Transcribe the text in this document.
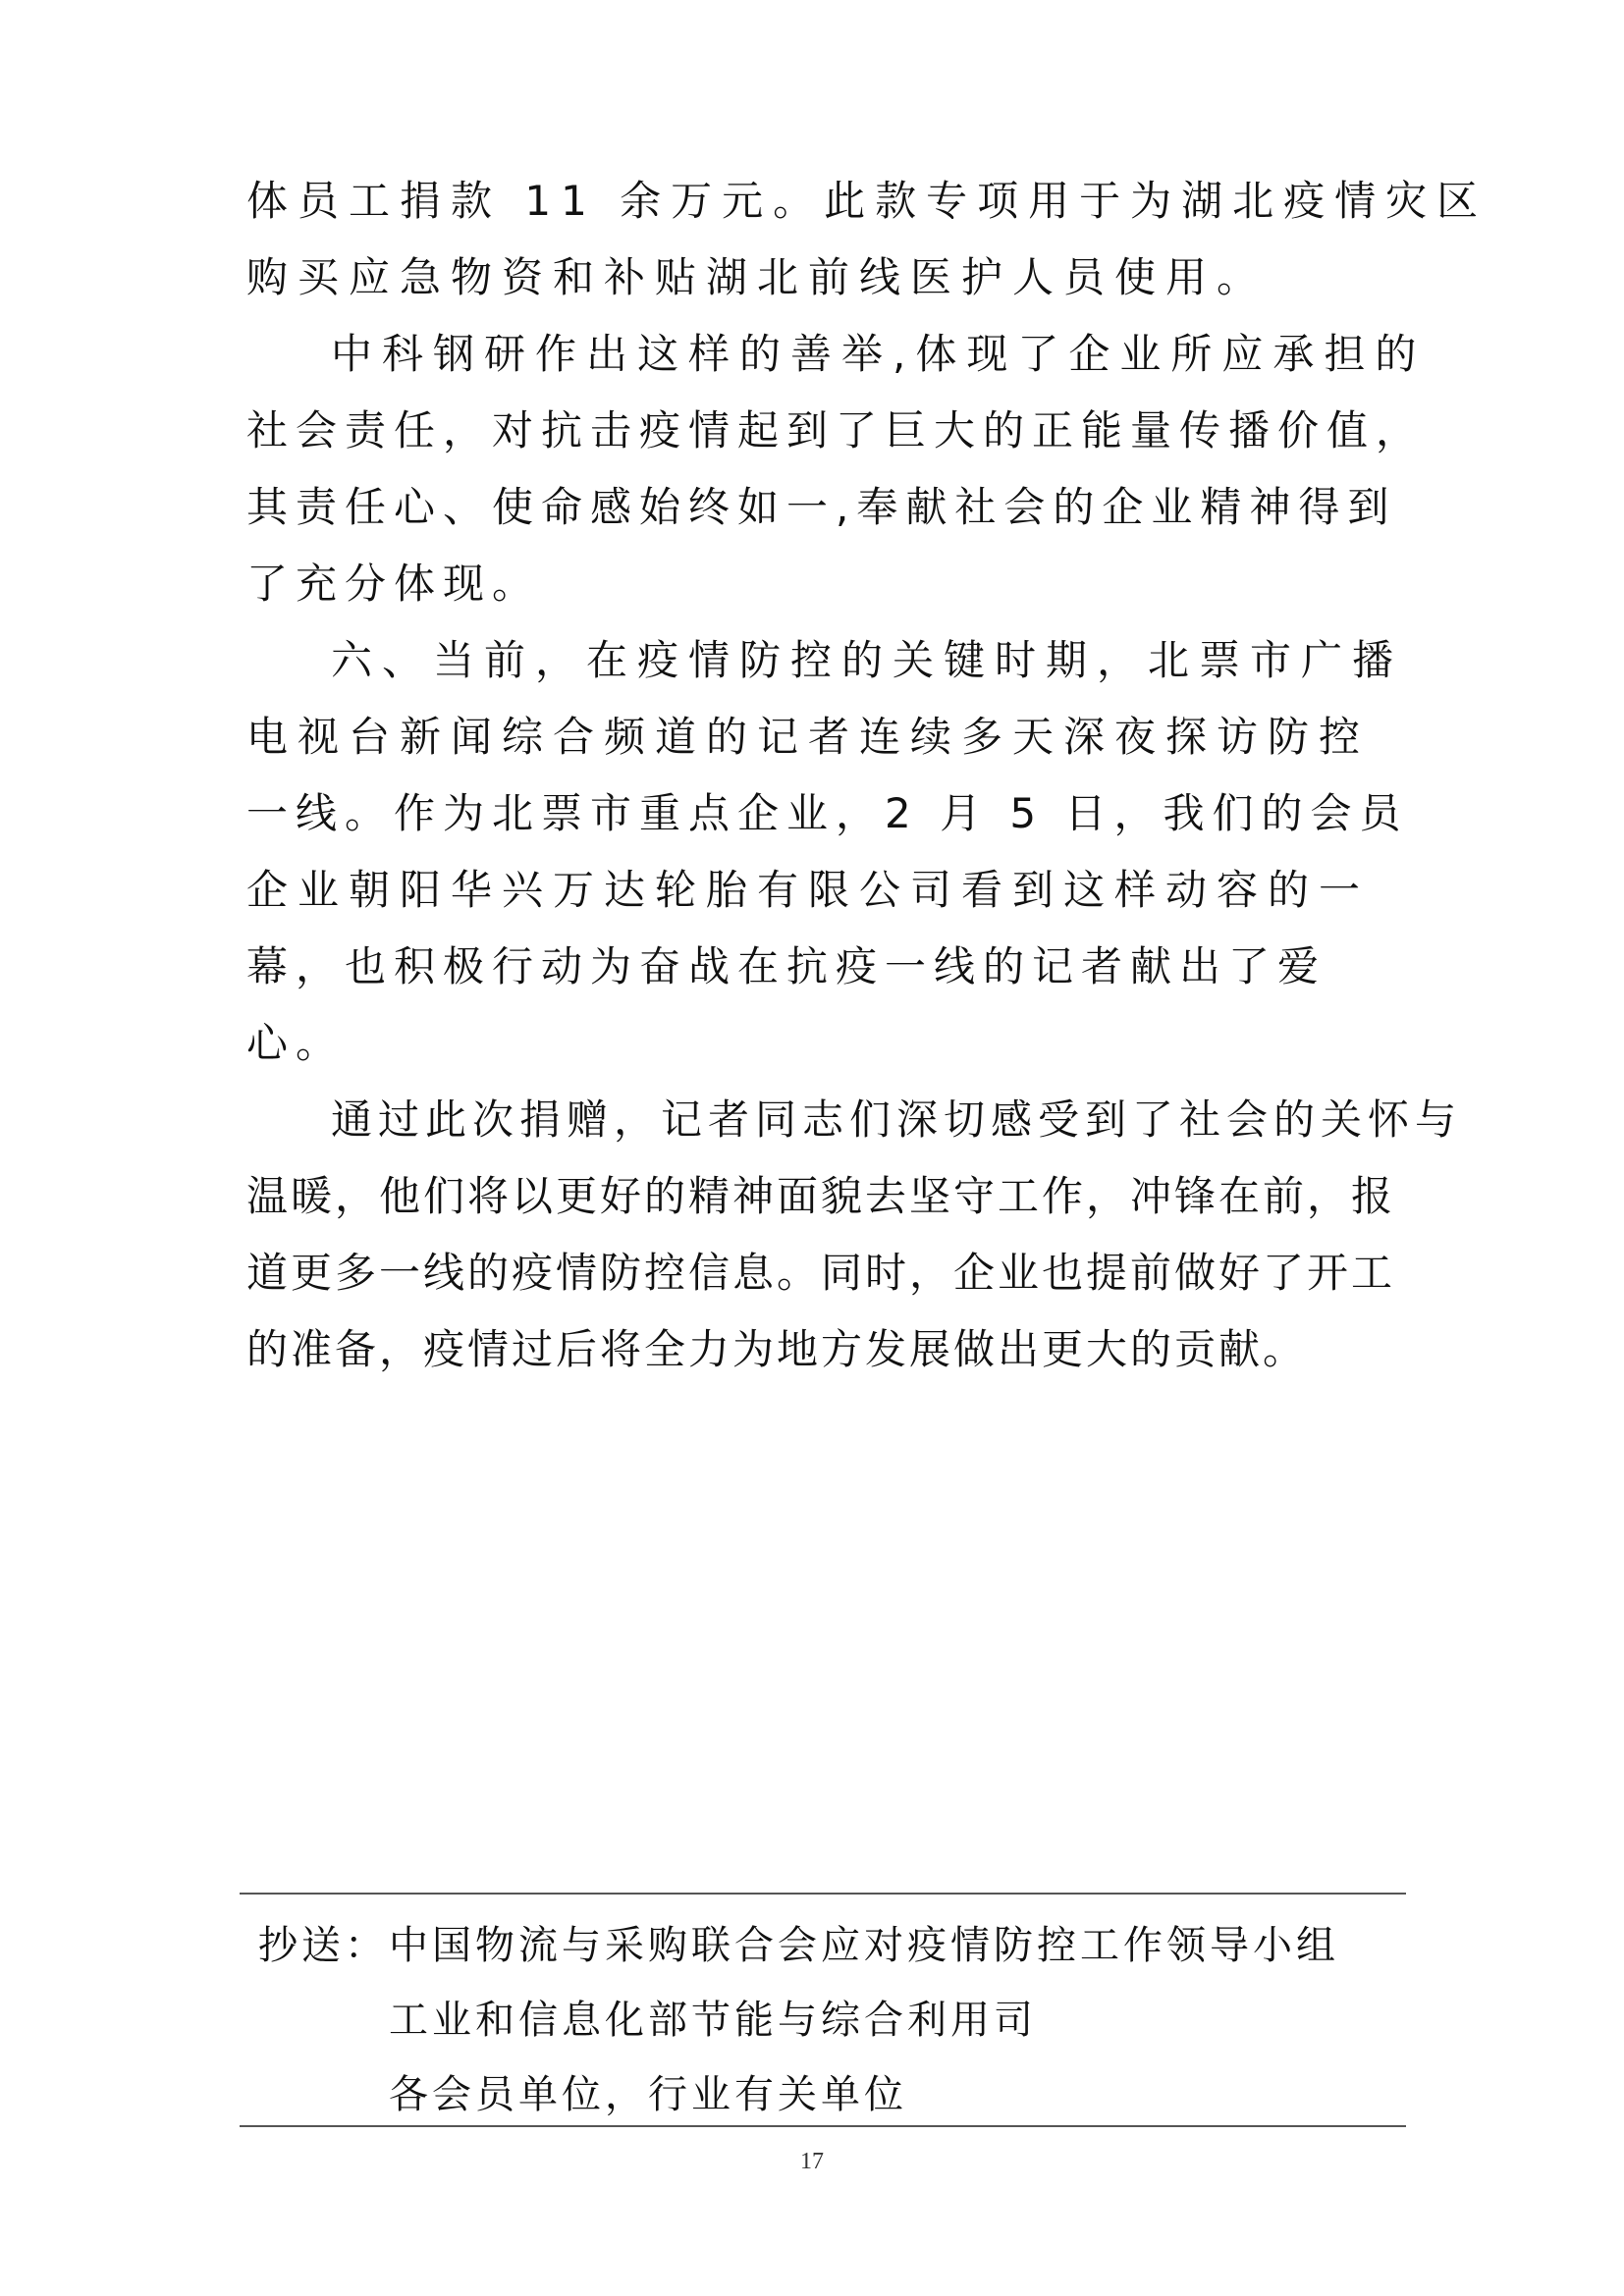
体员工捐款 11 余万元。此款专项用于为湖北疫情灾区

购买应急物资和补贴湖北前线医护人员使用。

中科钢研作出这样的善举,体现了企业所应承担的

社会责任，对抗击疫情起到了巨大的正能量传播价值，

其责任心、使命感始终如一,奉献社会的企业精神得到

了充分体现。

六、当前，在疫情防控的关键时期，北票市广播

电视台新闻综合频道的记者连续多天深夜探访防控

一线。作为北票市重点企业，2 月 5 日，我们的会员

企业朝阳华兴万达轮胎有限公司看到这样动容的一

幕，也积极行动为奋战在抗疫一线的记者献出了爱

心。

通过此次捐赠，记者同志们深切感受到了社会的关怀与

温暖，他们将以更好的精神面貌去坚守工作，冲锋在前，报

道更多一线的疫情防控信息。同时，企业也提前做好了开工

的准备，疫情过后将全力为地方发展做出更大的贡献。

抄送： 中国物流与采购联合会应对疫情防控工作领导小组

工业和信息化部节能与综合利用司

各会员单位，行业有关单位

17
